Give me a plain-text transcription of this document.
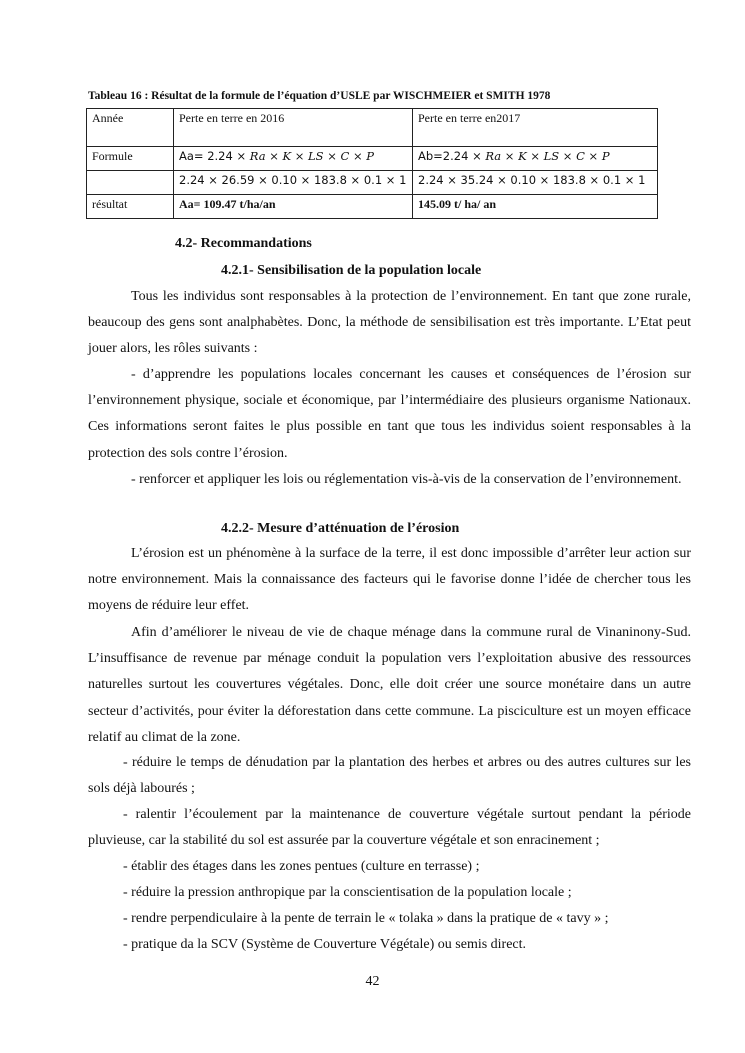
Tableau 16 : Résultat de la formule de l’équation d’USLE par WISCHMEIER et SMITH 1978
Année	Perte en terre en 2016	Perte en terre en2017
Formule	Aa= 2.24 × Ra × K × LS × C × P	Ab=2.24 × Ra × K × LS × C × P
	2.24 × 26.59 × 0.10 × 183.8 × 0.1 × 1	2.24 × 35.24 × 0.10 × 183.8 × 0.1 × 1
résultat	Aa= 109.47 t/ha/an	145.09 t/ ha/ an
4.2- Recommandations
4.2.1- Sensibilisation de la population locale

Tous les individus sont responsables à la protection de l’environnement. En tant que zone rurale, beaucoup des gens sont analphabètes. Donc, la méthode de sensibilisation est très importante. L’Etat peut jouer alors, les rôles suivants :

- d’apprendre les populations locales concernant les causes et conséquences de l’érosion sur l’environnement physique, sociale et économique, par l’intermédiaire des plusieurs organisme Nationaux. Ces informations seront faites le plus possible en tant que tous les individus soient responsables à la protection des sols contre l’érosion.

- renforcer et appliquer les lois ou réglementation vis-à-vis de la conservation de l’environnement.

4.2.2- Mesure d’atténuation de l’érosion

L’érosion est un phénomène à la surface de la terre, il est donc impossible d’arrêter leur action sur notre environnement. Mais la connaissance des facteurs qui le favorise donne l’idée de chercher tous les moyens de réduire leur effet.

Afin d’améliorer le niveau de vie de chaque ménage dans la commune rural de Vinaninony-Sud. L’insuffisance de revenue par ménage conduit la population vers l’exploitation abusive des ressources naturelles surtout les couvertures végétales. Donc, elle doit créer une source monétaire dans un autre secteur d’activités, pour éviter la déforestation dans cette commune. La pisciculture est un moyen efficace relatif au climat de la zone.

- réduire le temps de dénudation par la plantation des herbes et arbres ou des autres cultures sur les sols déjà labourés ;

- ralentir l’écoulement par la maintenance de couverture végétale surtout pendant la période pluvieuse, car la stabilité du sol est assurée par la couverture végétale et son enracinement ;

- établir des étages dans les zones pentues (culture en terrasse) ;

- réduire la pression anthropique par la conscientisation de la population locale ;

- rendre perpendiculaire à la pente de terrain le « tolaka » dans la pratique de « tavy » ;

- pratique da la SCV (Système de Couverture Végétale) ou semis direct.

42
